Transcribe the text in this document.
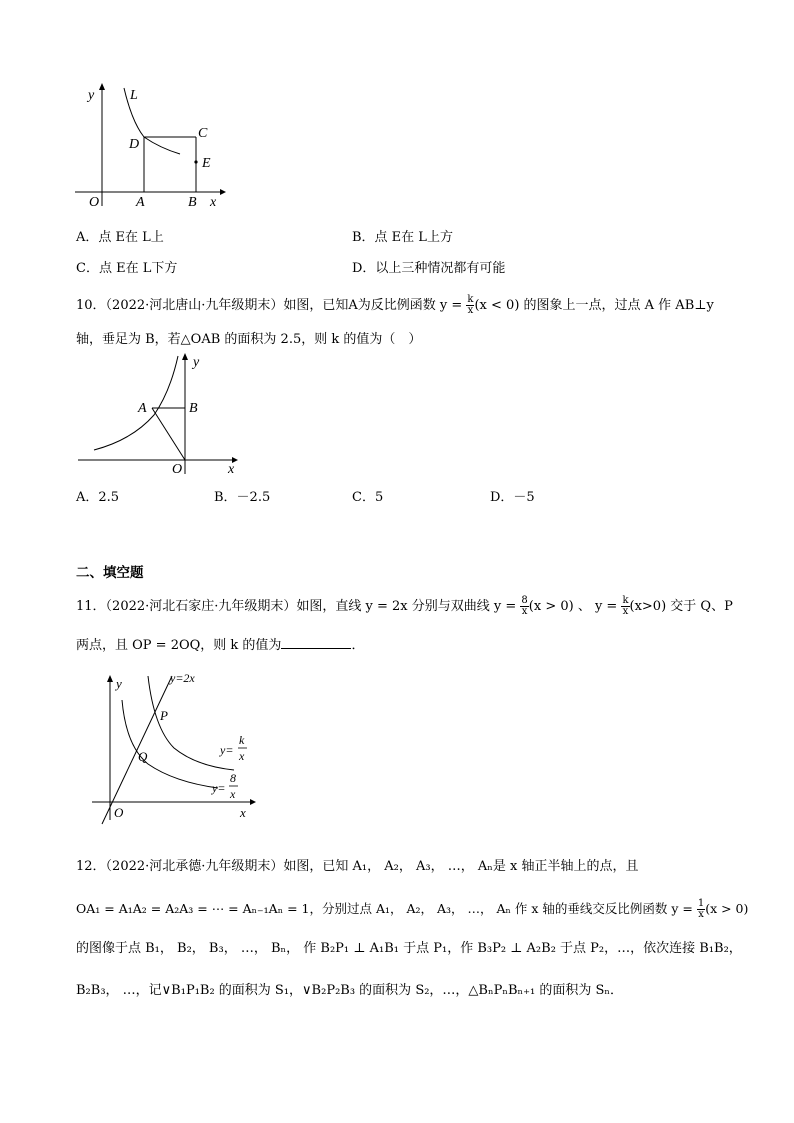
y	L
C
D
E
O	A	B x
A．点 E在 L上	B．点 E在 L上方
C．点 E在 L下方	D．以上三种情况都有可能
10．（2022·河北唐山·九年级期末）如图，已知A为反比例函数 $y = \frac{k}{x} (x < 0)$ 的图象上一点，过点 A 作 AB⊥y
轴，垂足为 B，若△OAB 的面积为 2.5，则 k 的值为（　）
y
A	B
O	x
A．2.5	B．－2.5	C．5	D．－5
二、填空题
11．（2022·河北石家庄·九年级期末）如图，直线 y = 2x 分别与双曲线 $y = \frac{8}{x} (x > 0)$ 、 $y = \frac{k}{x} (x>0)$ 交于 Q、P
两点，且 OP = 2OQ，则 k 的值为	．
y	y=2x
P
Q	y=
k
x
y=
8
x
O	x
12．（2022·河北承德·九年级期末）如图，已知 A₁， A₂， A₃， …， Aₙ是 x 轴正半轴上的点，且
OA₁ = A₁A₂ = A₂A₃ = ⋯ = Aₙ₋₁Aₙ = 1，分别过点 A₁， A₂， A₃， …， Aₙ 作 x 轴的垂线交反比例函数 $y = \frac{1}{x} (x > 0)$
的图像于点 B₁， B₂， B₃， …， Bₙ， 作 B₂P₁ ⊥ A₁B₁ 于点 P₁，作 B₃P₂ ⊥ A₂B₂ 于点 P₂，…，依次连接 B₁B₂，
B₂B₃， …，记∨B₁P₁B₂ 的面积为 S₁，∨B₂P₂B₃ 的面积为 S₂，…，△BₙPₙBₙ₊₁ 的面积为 Sₙ．
